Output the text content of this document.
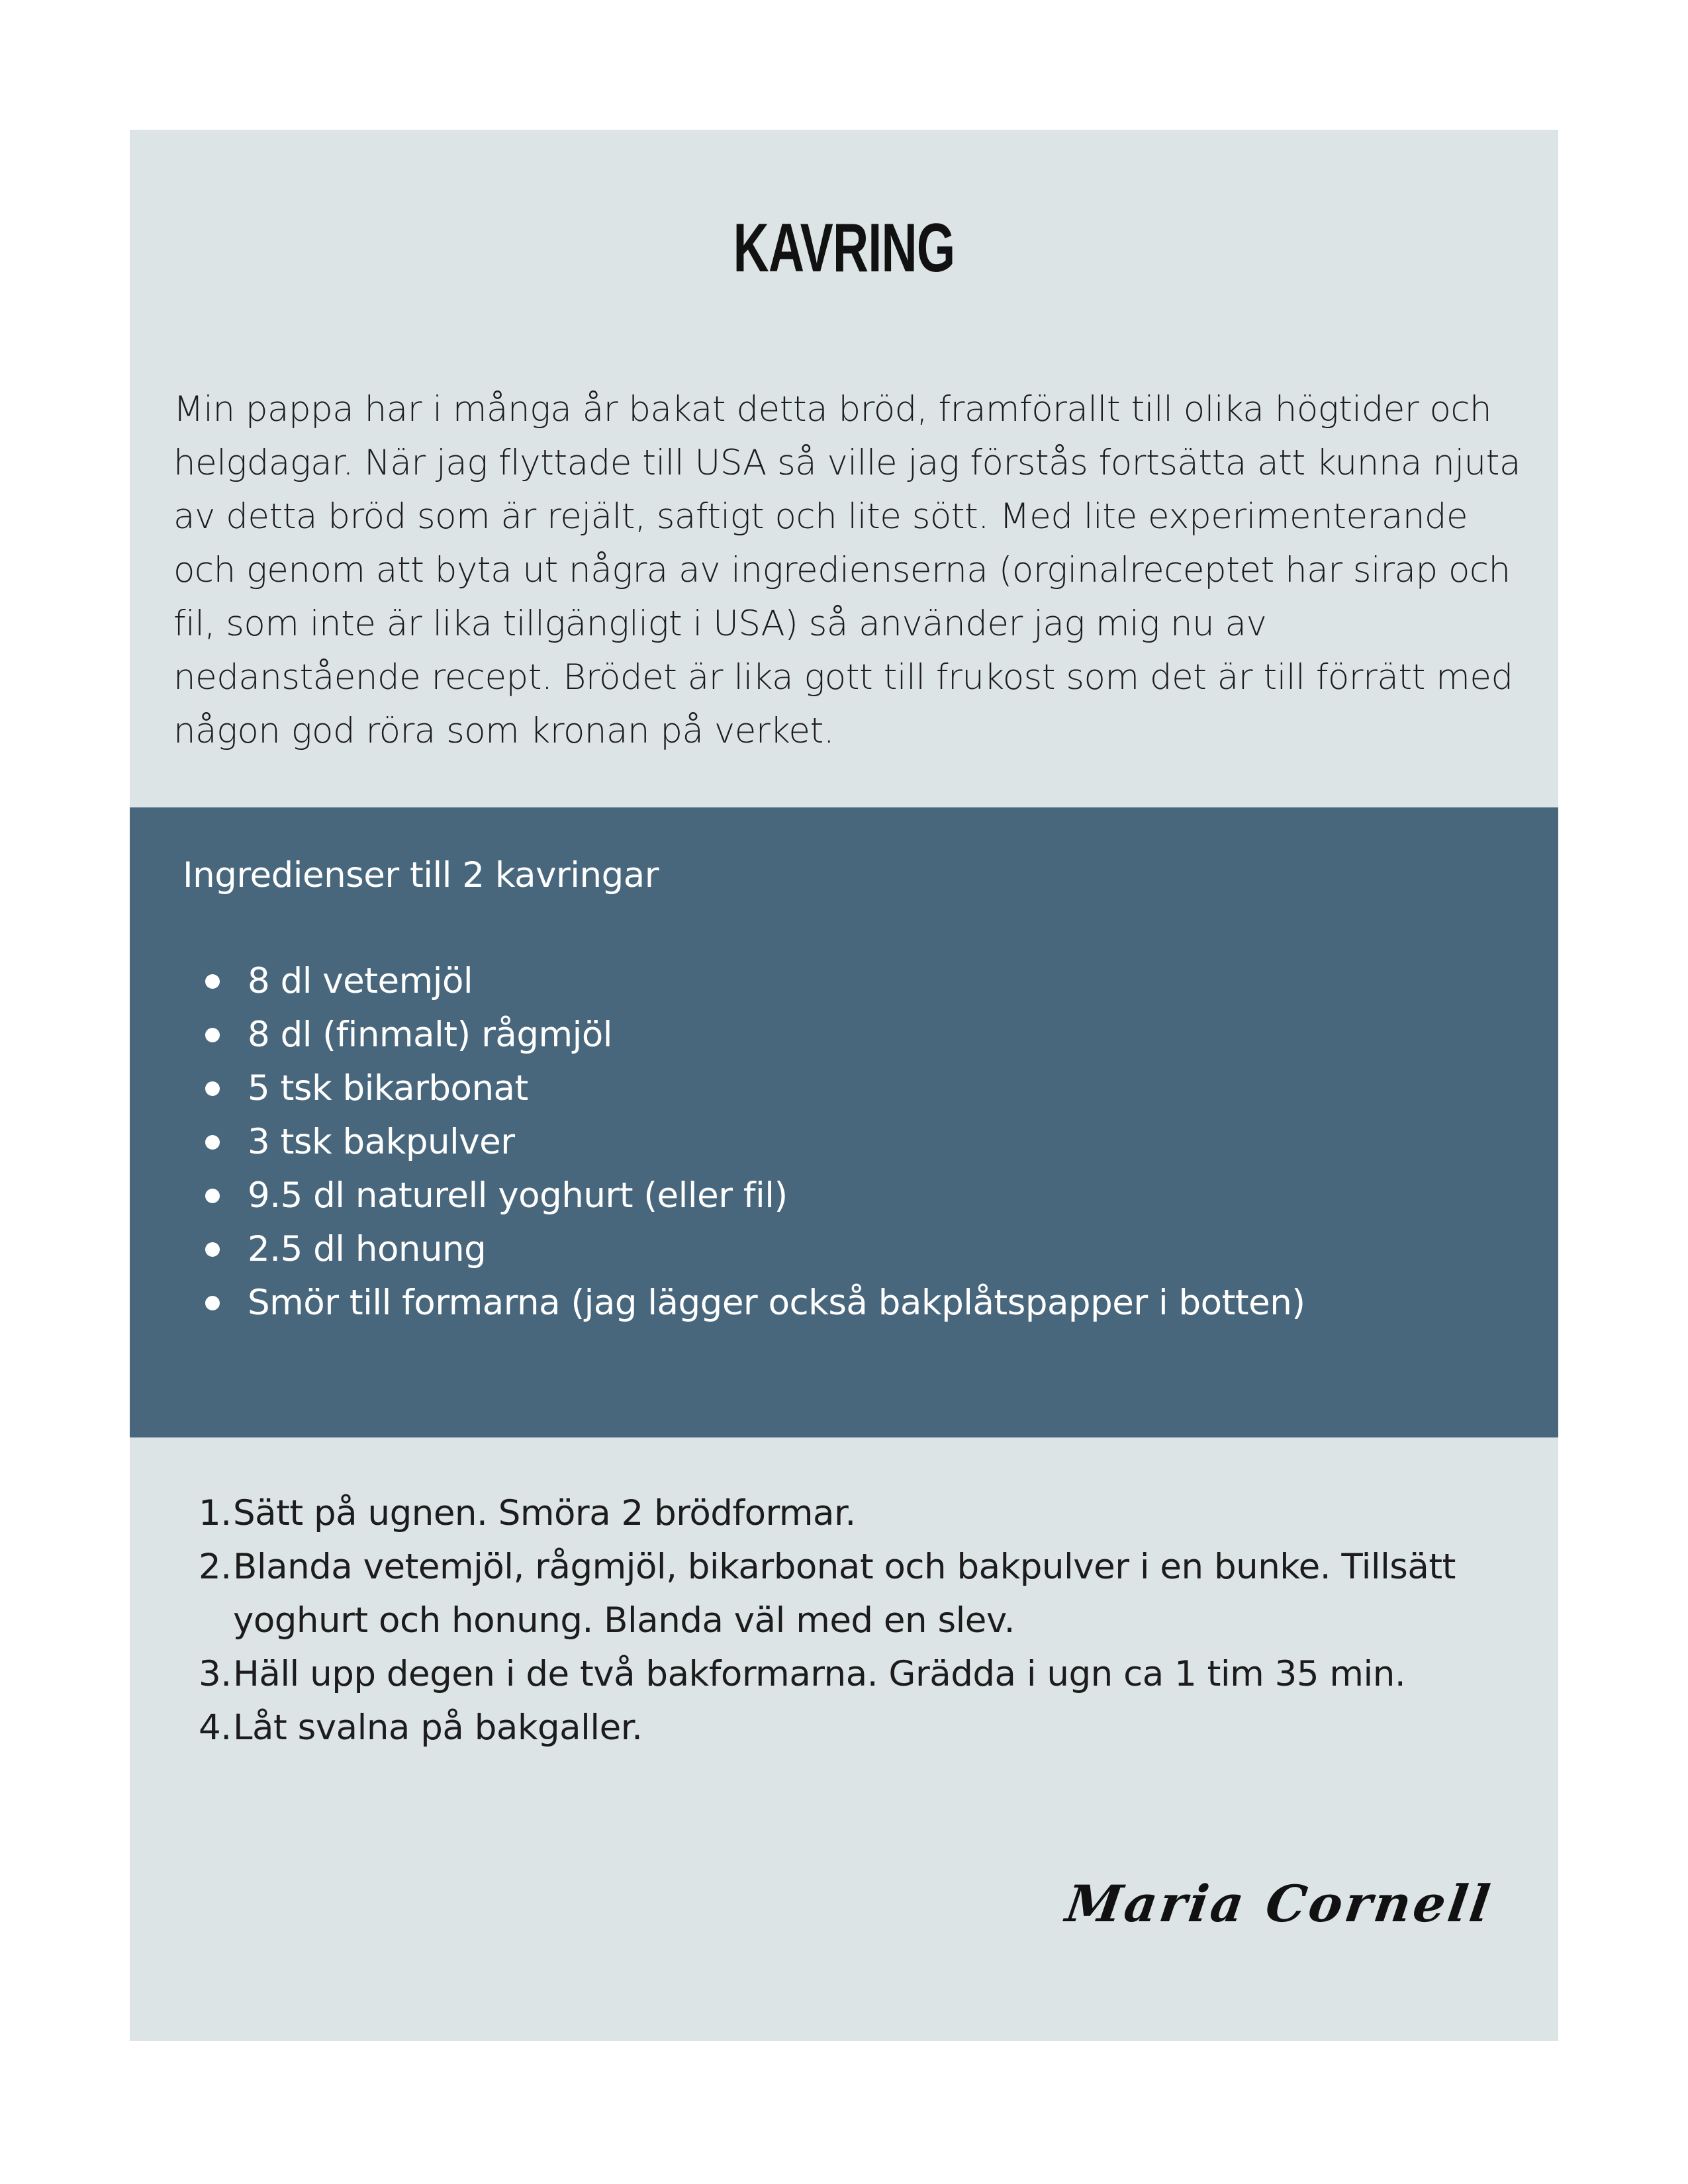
KAVRING

Min pappa har i många år bakat detta bröd, framförallt till olika högtider och helgdagar. När jag flyttade till USA så ville jag förstås fortsätta att kunna njuta av detta bröd som är rejält, saftigt och lite sött. Med lite experimenterande och genom att byta ut några av ingredienserna (orginalreceptet har sirap och fil, som inte är lika tillgängligt i USA) så använder jag mig nu av nedanstående recept. Brödet är lika gott till frukost som det är till förrätt med någon god röra som kronan på verket.

Ingredienser till 2 kavringar
8 dl vetemjöl
8 dl (finmalt) rågmjöl
5 tsk bikarbonat
3 tsk bakpulver
9.5 dl naturell yoghurt (eller fil)
2.5 dl honung
Smör till formarna (jag lägger också bakplåtspapper i botten)
1. Sätt på ugnen. Smöra 2 brödformar.
2. Blanda vetemjöl, rågmjöl, bikarbonat och bakpulver i en bunke. Tillsätt yoghurt och honung. Blanda väl med en slev.
3. Häll upp degen i de två bakformarna. Grädda i ugn ca 1 tim 35 min.
4. Låt svalna på bakgaller.
Maria Cornell
